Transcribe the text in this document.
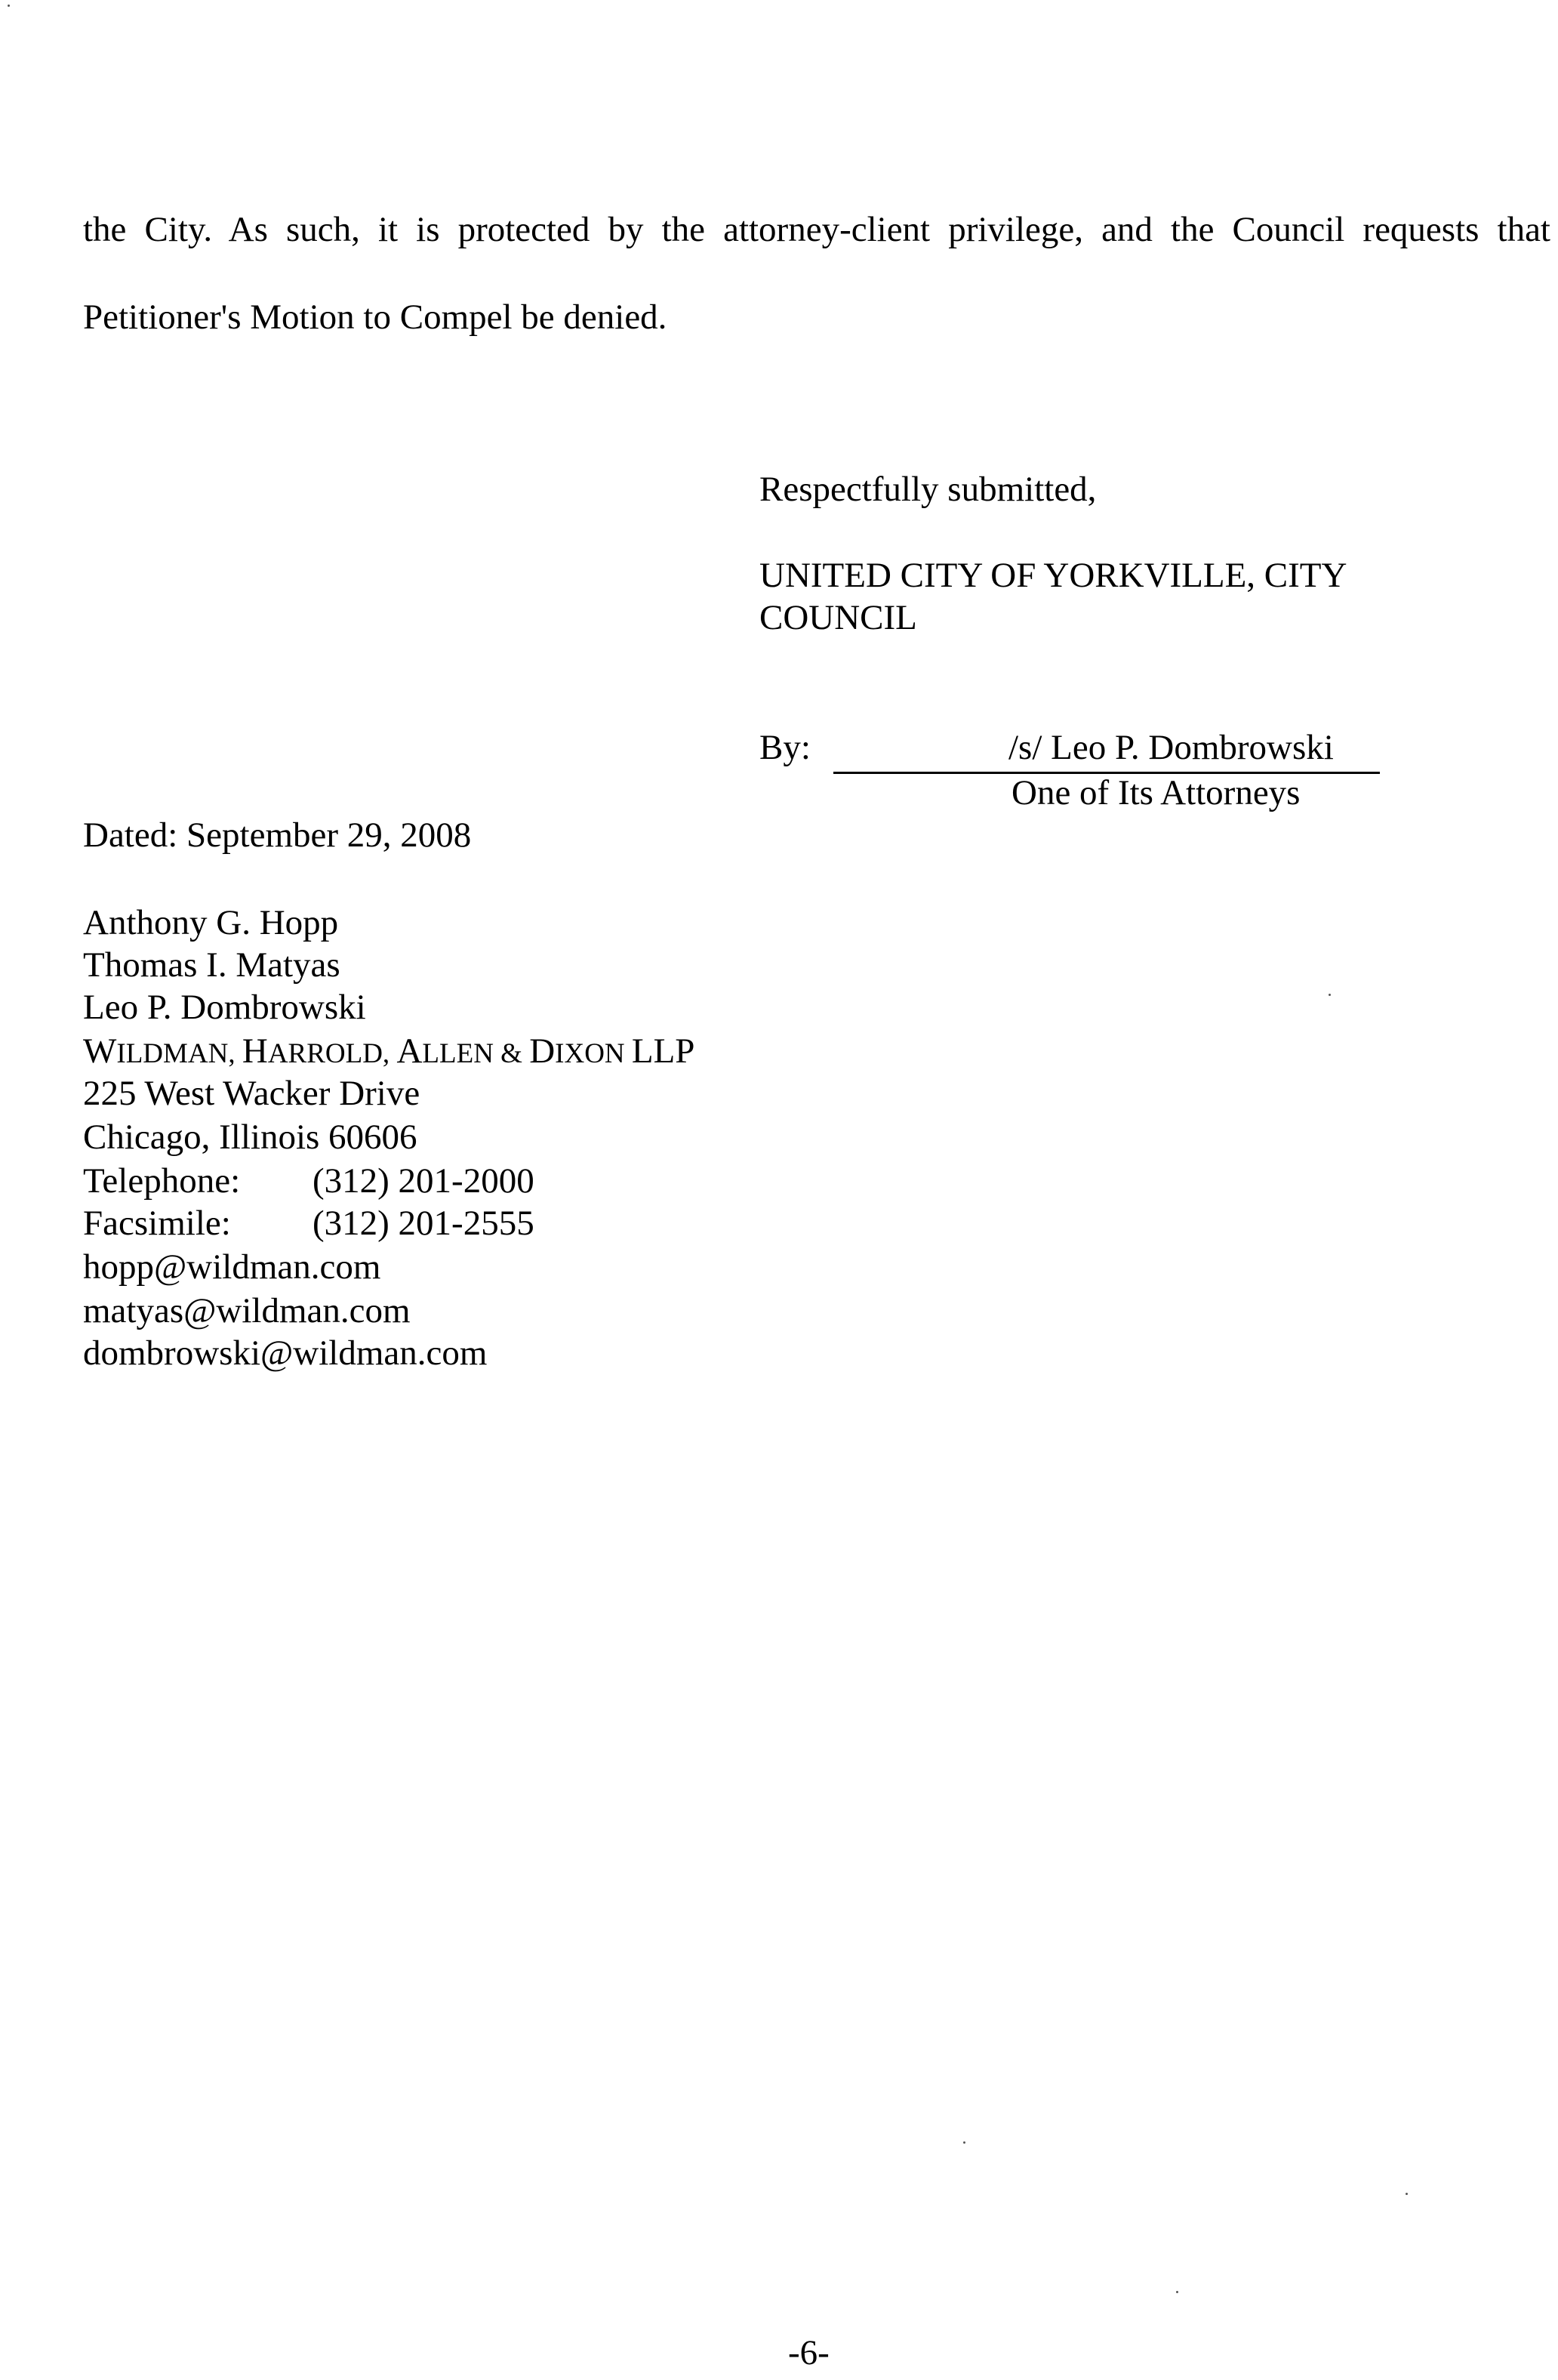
the City. As such, it is protected by the attorney-client privilege, and the Council requests that
Petitioner's Motion to Compel be denied.
Respectfully submitted,
UNITED CITY OF YORKVILLE, CITY
COUNCIL
By:	/s/ Leo P. Dombrowski
One of Its Attorneys
Dated: September 29, 2008
Anthony G. Hopp
Thomas I. Matyas
Leo P. Dombrowski
WILDMAN, HARROLD, ALLEN & DIXON LLP
225 West Wacker Drive
Chicago, Illinois 60606
Telephone: (312) 201-2000
Facsimile: (312) 201-2555
hopp@wildman.com
matyas@wildman.com
dombrowski@wildman.com
-6-
